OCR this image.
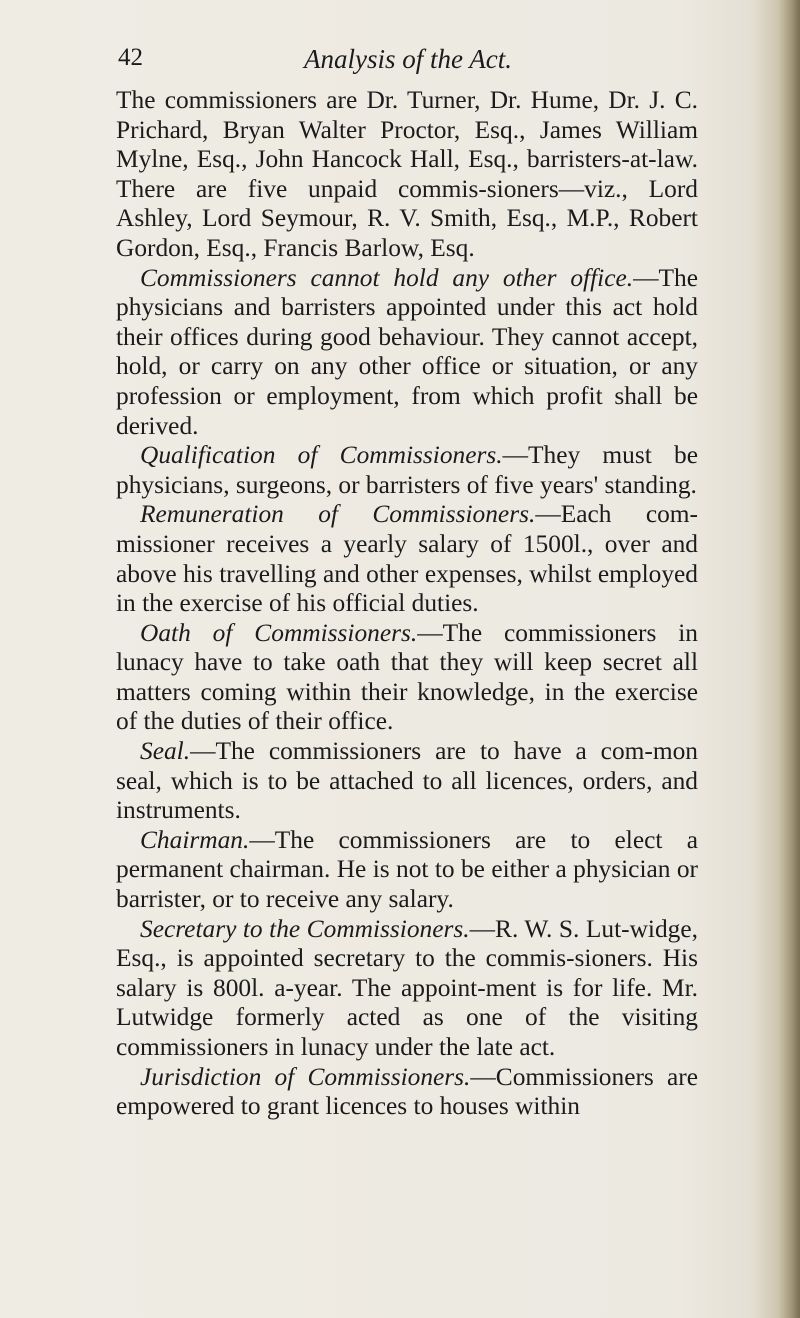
42	Analysis of the Act.

The commissioners are Dr. Turner, Dr. Hume, Dr. J. C. Prichard, Bryan Walter Proctor, Esq., James William Mylne, Esq., John Hancock Hall, Esq., barristers-at-law. There are five unpaid commis-sioners—viz., Lord Ashley, Lord Seymour, R. V. Smith, Esq., M.P., Robert Gordon, Esq., Francis Barlow, Esq.

Commissioners cannot hold any other office.—The physicians and barristers appointed under this act hold their offices during good behaviour. They cannot accept, hold, or carry on any other office or situation, or any profession or employment, from which profit shall be derived.

Qualification of Commissioners.—They must be physicians, surgeons, or barristers of five years' standing.

Remuneration of Commissioners.—Each com-missioner receives a yearly salary of 1500l., over and above his travelling and other expenses, whilst employed in the exercise of his official duties.

Oath of Commissioners.—The commissioners in lunacy have to take oath that they will keep secret all matters coming within their knowledge, in the exercise of the duties of their office.

Seal.—The commissioners are to have a com-mon seal, which is to be attached to all licences, orders, and instruments.

Chairman.—The commissioners are to elect a permanent chairman. He is not to be either a physician or barrister, or to receive any salary.

Secretary to the Commissioners.—R. W. S. Lut-widge, Esq., is appointed secretary to the commis-sioners. His salary is 800l. a-year. The appoint-ment is for life. Mr. Lutwidge formerly acted as one of the visiting commissioners in lunacy under the late act.

Jurisdiction of Commissioners.—Commissioners are empowered to grant licences to houses within
